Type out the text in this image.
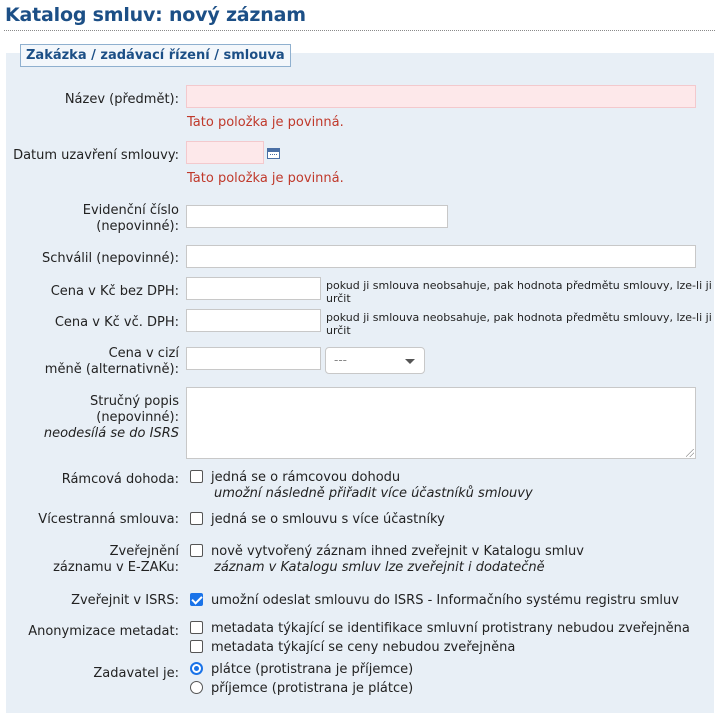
Katalog smluv: nový záznam
Zakázka / zadávací řízení / smlouva
Název (předmět):
Tato položka je povinná.
Datum uzavření smlouvy:
Tato položka je povinná.
Evidenční číslo
(nepovinné):
Schválil (nepovinné):
Cena v Kč bez DPH:	pokud ji smlouva neobsahuje, pak hodnota předmětu smlouvy, lze-li ji určit
Cena v Kč vč. DPH:	pokud ji smlouva neobsahuje, pak hodnota předmětu smlouvy, lze-li ji určit
Cena v cizí
měně (alternativně):
---
Stručný popis
(nepovinné):
neodesílá se do ISRS
Rámcová dohoda: jedná se o rámcovou dohodu
umožní následně přiřadit více účastníků smlouvy
Vícestranná smlouva: jedná se o smlouvu s více účastníky
Zveřejnění
záznamu v E-ZAKu:
nově vytvořený záznam ihned zveřejnit v Katalogu smluv
záznam v Katalogu smluv lze zveřejnit i dodatečně
Zveřejnit v ISRS: umožní odeslat smlouvu do ISRS - Informačního systému registru smluv
Anonymizace metadat: metadata týkající se identifikace smluvní protistrany nebudou zveřejněna
metadata týkající se ceny nebudou zveřejněna
Zadavatel je: plátce (protistrana je příjemce)
příjemce (protistrana je plátce)
